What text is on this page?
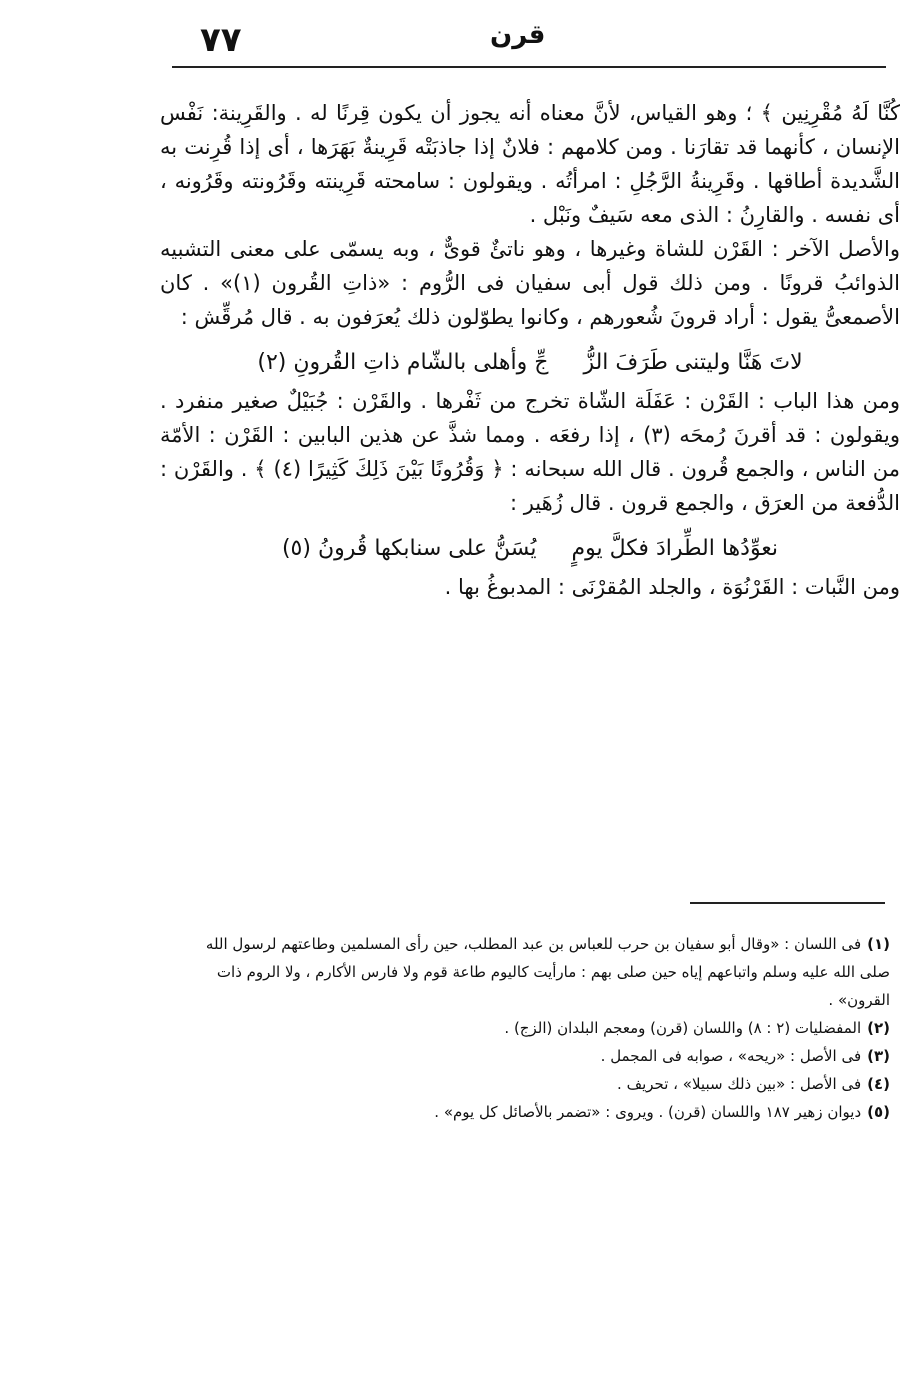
٧٧	قرن

كُنَّا لَهُ مُقْرِنِين ﴾ ؛ وهو القياس، لأنَّ معناه أنه يجوز أن يكون قِرنًا له . والقَرِينة: نَفْس الإنسان ، كأنهما قد تقارَنا . ومن كلامهم : فلانٌ إذا جاذبَتْه قَرِينةٌ بَهَرَها ، أى إذا قُرِنت به الشَّديدة أطاقها . وقَرِينةُ الرَّجُلِ : امرأتُه . ويقولون : سامحته قَرِينته وقَرُونته وقَرُونه ، أى نفسه . والقارِنُ : الذى معه سَيفٌ ونَبْل .

والأصل الآخر : القَرْن للشاة وغيرها ، وهو ناتئٌ قوىٌّ ، وبه يسمّى على معنى التشبيه الذوائبُ قرونًا . ومن ذلك قول أبى سفيان فى الرُّوم : «ذاتِ القُرون (١)» . كان الأصمعىُّ يقول : أراد قرونَ شُعورهم ، وكانوا يطوّلون ذلك يُعرَفون به . قال مُرقِّش :

لاتَ هَنَّا وليتنى طَرَفَ الزُّ جِّ وأهلى بالشّام ذاتِ القُرونِ (٢)

ومن هذا الباب : القَرْن : عَفَلَة الشّاة تخرج من ثَفْرها . والقَرْن : جُبَيْلٌ صغير منفرد . ويقولون : قد أقرنَ رُمحَه (٣) ، إذا رفعَه . ومما شذَّ عن هذين البابين : القَرْن : الأمّة من الناس ، والجمع قُرون . قال الله سبحانه : ﴿ وَقُرُونًا بَيْنَ ذَلِكَ كَثِيرًا (٤) ﴾ . والقَرْن : الدُّفعة من العرَق ، والجمع قرون . قال زُهَير :

نعوِّدُها الطِّرادَ فكلَّ يومٍ يُسَنُّ على سنابكها قُرونُ (٥)

ومن النَّبات : القَرْنُوَة ، والجلد المُقرْنَى : المدبوغُ بها .

(١)فى اللسان : «وقال أبو سفيان بن حرب للعباس بن عبد المطلب، حين رأى المسلمين وطاعتهم لرسول الله صلى الله عليه وسلم واتباعهم إياه حين صلى بهم : مارأيت كاليوم طاعة قوم ولا فارس الأكارم ، ولا الروم ذات القرون» .

(٢)المفضليات (٢ : ٨) واللسان (قرن) ومعجم البلدان (الزج) .

(٣)فى الأصل : «ريحه» ، صوابه فى المجمل .

(٤)فى الأصل : «بين ذلك سبيلا» ، تحريف .

(٥)ديوان زهير ١٨٧ واللسان (قرن) . ويروى : «تضمر بالأصائل كل يوم» .
